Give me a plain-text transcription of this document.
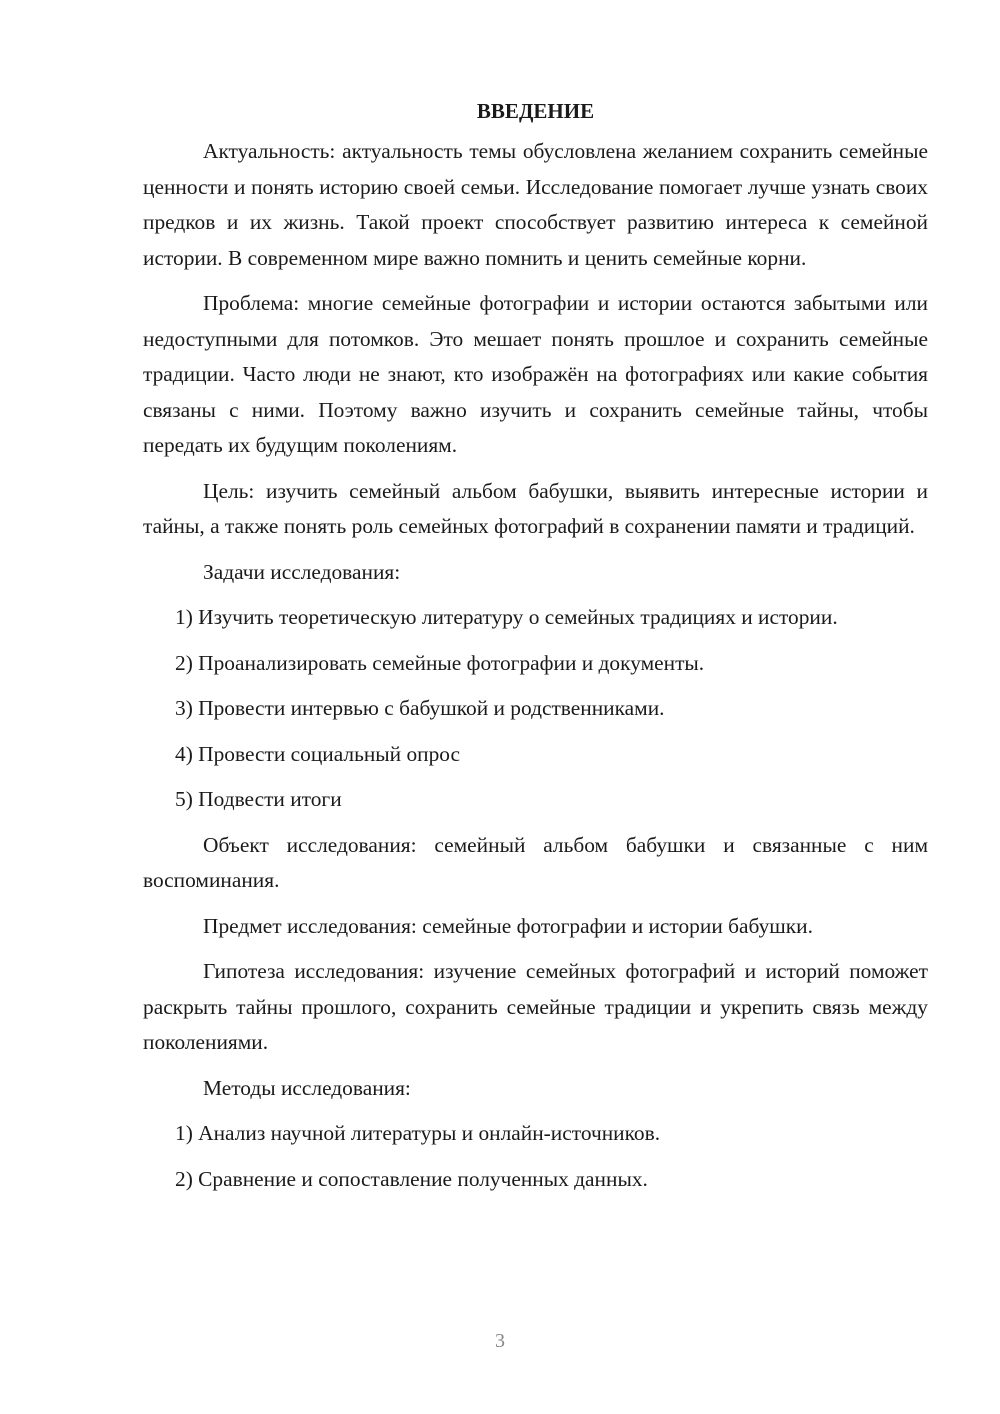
ВВЕДЕНИЕ

Актуальность: актуальность темы обусловлена желанием сохранить семейные ценности и понять историю своей семьи. Исследование помогает лучше узнать своих предков и их жизнь. Такой проект способствует развитию интереса к семейной истории. В современном мире важно помнить и ценить семейные корни.

Проблема: многие семейные фотографии и истории остаются забытыми или недоступными для потомков. Это мешает понять прошлое и сохранить семейные традиции. Часто люди не знают, кто изображён на фотографиях или какие события связаны с ними. Поэтому важно изучить и сохранить семейные тайны, чтобы передать их будущим поколениям.

Цель: изучить семейный альбом бабушки, выявить интересные истории и тайны, а также понять роль семейных фотографий в сохранении памяти и традиций.

Задачи исследования:

1) Изучить теоретическую литературу о семейных традициях и истории.

2) Проанализировать семейные фотографии и документы.

3) Провести интервью с бабушкой и родственниками.

4) Провести социальный опрос

5) Подвести итоги

Объект исследования: семейный альбом бабушки и связанные с ним воспоминания.

Предмет исследования: семейные фотографии и истории бабушки.

Гипотеза исследования: изучение семейных фотографий и историй поможет раскрыть тайны прошлого, сохранить семейные традиции и укрепить связь между поколениями.

Методы исследования:

1) Анализ научной литературы и онлайн-источников.

2) Сравнение и сопоставление полученных данных.

3
